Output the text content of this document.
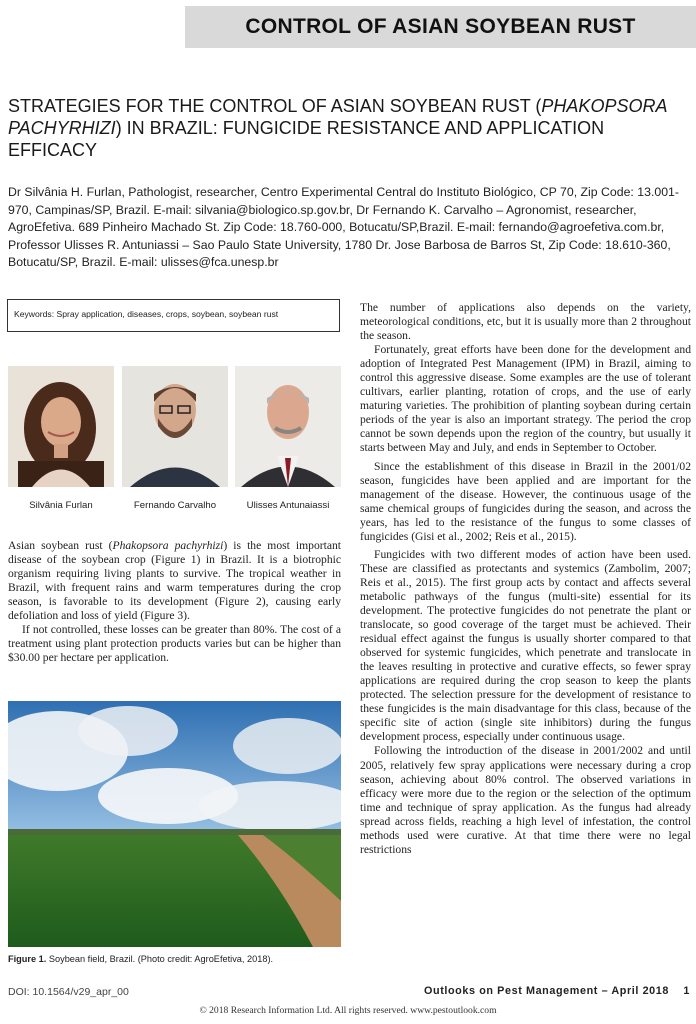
CONTROL OF ASIAN SOYBEAN RUST
STRATEGIES FOR THE CONTROL OF ASIAN SOYBEAN RUST (PHAKOPSORA PACHYRHIZI) IN BRAZIL: FUNGICIDE RESISTANCE AND APPLICATION EFFICACY
Dr Silvânia H. Furlan, Pathologist, researcher, Centro Experimental Central do Instituto Biológico, CP 70, Zip Code: 13.001-970, Campinas/SP, Brazil. E-mail: silvania@biologico.sp.gov.br, Dr Fernando K. Carvalho – Agronomist, researcher, AgroEfetiva. 689 Pinheiro Machado St. Zip Code: 18.760-000, Botucatu/SP,Brazil. E-mail: fernando@agroefetiva.com.br, Professor Ulisses R. Antuniassi – Sao Paulo State University, 1780 Dr. Jose Barbosa de Barros St, Zip Code: 18.610-360, Botucatu/SP, Brazil. E-mail: ulisses@fca.unesp.br
Keywords: Spray application, diseases, crops, soybean, soybean rust
Silvânia Furlan	Fernando Carvalho	Ulisses Antunaiassi

Asian soybean rust (Phakopsora pachyrhizi) is the most important disease of the soybean crop (Figure 1) in Brazil. It is a biotrophic organism requiring living plants to survive. The tropical weather in Brazil, with frequent rains and warm temperatures during the crop season, is favorable to its development (Figure 2), causing early defoliation and loss of yield (Figure 3).

If not controlled, these losses can be greater than 80%. The cost of a treatment using plant protection products varies but can be higher than $30.00 per hectare per application.

Figure 1. Soybean field, Brazil. (Photo credit: AgroEfetiva, 2018).

The number of applications also depends on the variety, meteorological conditions, etc, but it is usually more than 2 throughout the season.

Fortunately, great efforts have been done for the development and adoption of Integrated Pest Management (IPM) in Brazil, aiming to control this aggressive disease. Some examples are the use of tolerant cultivars, earlier planting, rotation of crops, and the use of early maturing varieties. The prohibition of planting soybean during certain periods of the year is also an important strategy. The period the crop cannot be sown depends upon the region of the country, but usually it starts between May and July, and ends in September to October.

Since the establishment of this disease in Brazil in the 2001/02 season, fungicides have been applied and are important for the management of the disease. However, the continuous usage of the same chemical groups of fungicides during the season, and across the years, has led to the resistance of the fungus to some classes of fungicides (Gisi et al., 2002; Reis et al., 2015).

Fungicides with two different modes of action have been used. These are classified as protectants and systemics (Zambolim, 2007; Reis et al., 2015). The first group acts by contact and affects several metabolic pathways of the fungus (multi-site) essential for its development. The protective fungicides do not penetrate the plant or translocate, so good coverage of the target must be achieved. Their residual effect against the fungus is usually shorter compared to that observed for systemic fungicides, which penetrate and translocate in the leaves resulting in protective and curative effects, so fewer spray applications are required during the crop season to keep the plants protected. The selection pressure for the development of resistance to these fungicides is the main disadvantage for this class, because of the specific site of action (single site inhibitors) during the fungus development process, especially under continuous usage.

Following the introduction of the disease in 2001/2002 and until 2005, relatively few spray applications were necessary during a crop season, achieving about 80% control. The observed variations in efficacy were more due to the region or the selection of the optimum time and technique of spray application. As the fungus had already spread across fields, reaching a high level of infestation, the control methods used were curative. At that time there were no legal restrictions

DOI: 10.1564/v29_apr_00	Outlooks on Pest Management – April 2018    1
© 2018 Research Information Ltd. All rights reserved. www.pestoutlook.com
